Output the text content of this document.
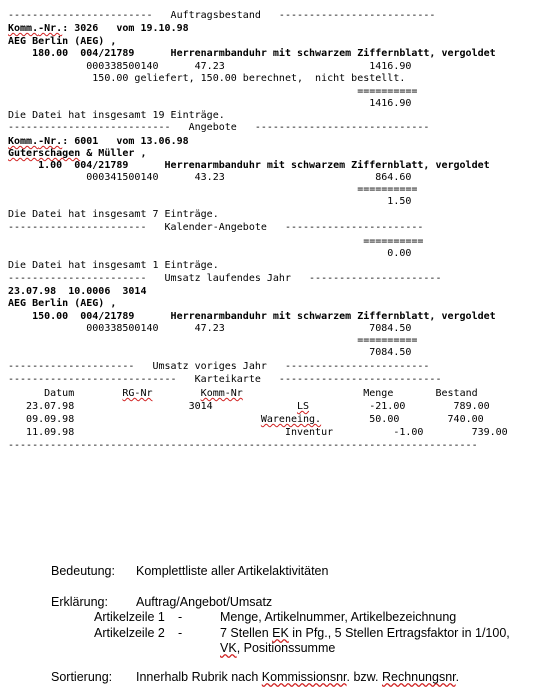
------------------------   Auftragsbestand   --------------------------
Komm.-Nr.: 3026   vom 19.10.98
AEG Berlin (AEG) ,
180.00  004/21789      Herrenarmbanduhr mit schwarzem Ziffernblatt, vergoldet
000338500140      47.23                        1416.90
150.00 geliefert, 150.00 berechnet,  nicht bestellt.
==========
1416.90
Die Datei hat insgesamt 19 Einträge.
---------------------------   Angebote   -----------------------------
Komm.-Nr.: 6001   vom 13.06.98
Guterschagen & Müller ,
1.00  004/21789      Herrenarmbanduhr mit schwarzem Ziffernblatt, vergoldet
000341500140      43.23                         864.60
==========
1.50
Die Datei hat insgesamt 7 Einträge.
-----------------------   Kalender-Angebote   -----------------------
==========
0.00
Die Datei hat insgesamt 1 Einträge.
-----------------------   Umsatz laufendes Jahr   ----------------------
23.07.98  10.0006  3014
AEG Berlin (AEG) ,
150.00  004/21789      Herrenarmbanduhr mit schwarzem Ziffernblatt, vergoldet
000338500140      47.23                        7084.50
==========
7084.50
---------------------   Umsatz voriges Jahr   ------------------------
----------------------------   Karteikarte   ---------------------------
Datum        RG-Nr	Komm-Nr                    Menge       Bestand
23.07.98                   3014              LS          -21.00        789.00
09.09.98                               Wareneing.        50.00        740.00
11.09.98                                   Inventur          -1.00        739.00
------------------------------------------------------------------------------
Bedeutung: Komplettliste aller Artikelaktivitäten
Erklärung: Auftrag/Angebot/Umsatz
Artikelzeile 1 -	Menge, Artikelnummer, Artikelbezeichnung
Artikelzeile 2 -	7 Stellen EK in Pfg., 5 Stellen Ertragsfaktor in 1/100,
VK, Positionssumme
Sortierung: Innerhalb Rubrik nach Kommissionsnr. bzw. Rechnungsnr.
